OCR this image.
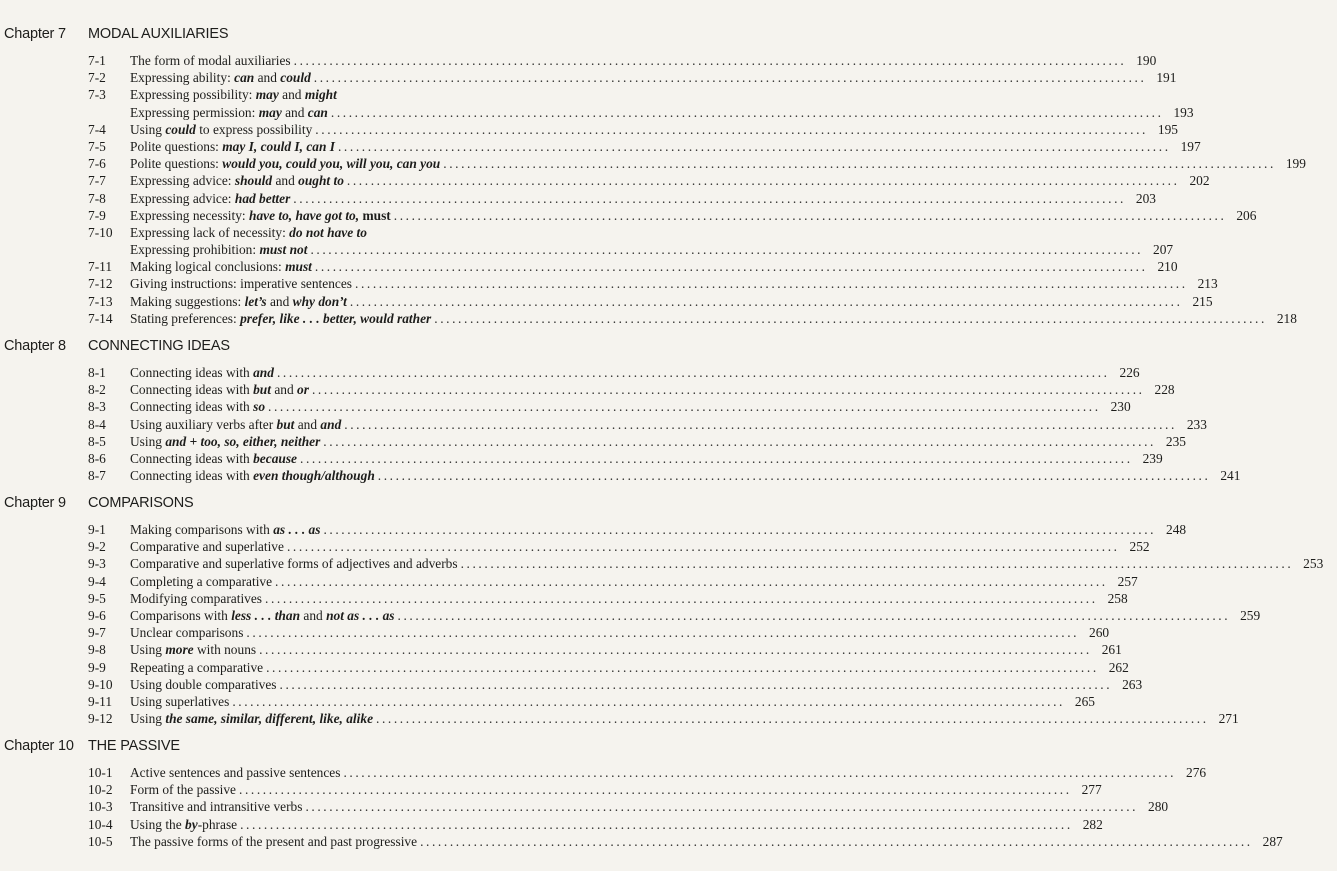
Chapter 7 MODAL AUXILIARIES
7-1	The form of modal auxiliaries ............................................................................................................................................ 190
7-2	Expressing ability: can and could ............................................................................................................................................ 191
7-3	Expressing possibility: may and might
Expressing permission: may and can ............................................................................................................................................ 193
7-4	Using could to express possibility ............................................................................................................................................ 195
7-5	Polite questions: may I, could I, can I ............................................................................................................................................ 197
7-6	Polite questions: would you, could you, will you, can you ............................................................................................................................................ 199
7-7	Expressing advice: should and ought to ............................................................................................................................................ 202
7-8	Expressing advice: had better ............................................................................................................................................ 203
7-9	Expressing necessity: have to, have got to, must ............................................................................................................................................ 206
7-10	Expressing lack of necessity: do not have to
Expressing prohibition: must not ............................................................................................................................................ 207
7-11	Making logical conclusions: must ............................................................................................................................................ 210
7-12	Giving instructions: imperative sentences ............................................................................................................................................ 213
7-13	Making suggestions: let’s and why don’t ............................................................................................................................................ 215
7-14	Stating preferences: prefer, like . . . better, would rather ............................................................................................................................................ 218
Chapter 8 CONNECTING IDEAS
8-1	Connecting ideas with and ............................................................................................................................................ 226
8-2	Connecting ideas with but and or ............................................................................................................................................ 228
8-3	Connecting ideas with so ............................................................................................................................................ 230
8-4	Using auxiliary verbs after but and and ............................................................................................................................................ 233
8-5	Using and + too, so, either, neither ............................................................................................................................................ 235
8-6	Connecting ideas with because ............................................................................................................................................ 239
8-7	Connecting ideas with even though/although ............................................................................................................................................ 241
Chapter 9 COMPARISONS
9-1	Making comparisons with as . . . as ............................................................................................................................................ 248
9-2	Comparative and superlative ............................................................................................................................................ 252
9-3	Comparative and superlative forms of adjectives and adverbs ............................................................................................................................................ 253
9-4	Completing a comparative ............................................................................................................................................ 257
9-5	Modifying comparatives ............................................................................................................................................ 258
9-6	Comparisons with less . . . than and not as . . . as ............................................................................................................................................ 259
9-7	Unclear comparisons ............................................................................................................................................ 260
9-8	Using more with nouns ............................................................................................................................................ 261
9-9	Repeating a comparative ............................................................................................................................................ 262
9-10	Using double comparatives ............................................................................................................................................ 263
9-11	Using superlatives ............................................................................................................................................ 265
9-12	Using the same, similar, different, like, alike ............................................................................................................................................ 271
Chapter 10 THE PASSIVE
10-1	Active sentences and passive sentences ............................................................................................................................................ 276
10-2	Form of the passive ............................................................................................................................................ 277
10-3	Transitive and intransitive verbs ............................................................................................................................................ 280
10-4	Using the by-phrase ............................................................................................................................................ 282
10-5	The passive forms of the present and past progressive ............................................................................................................................................ 287
